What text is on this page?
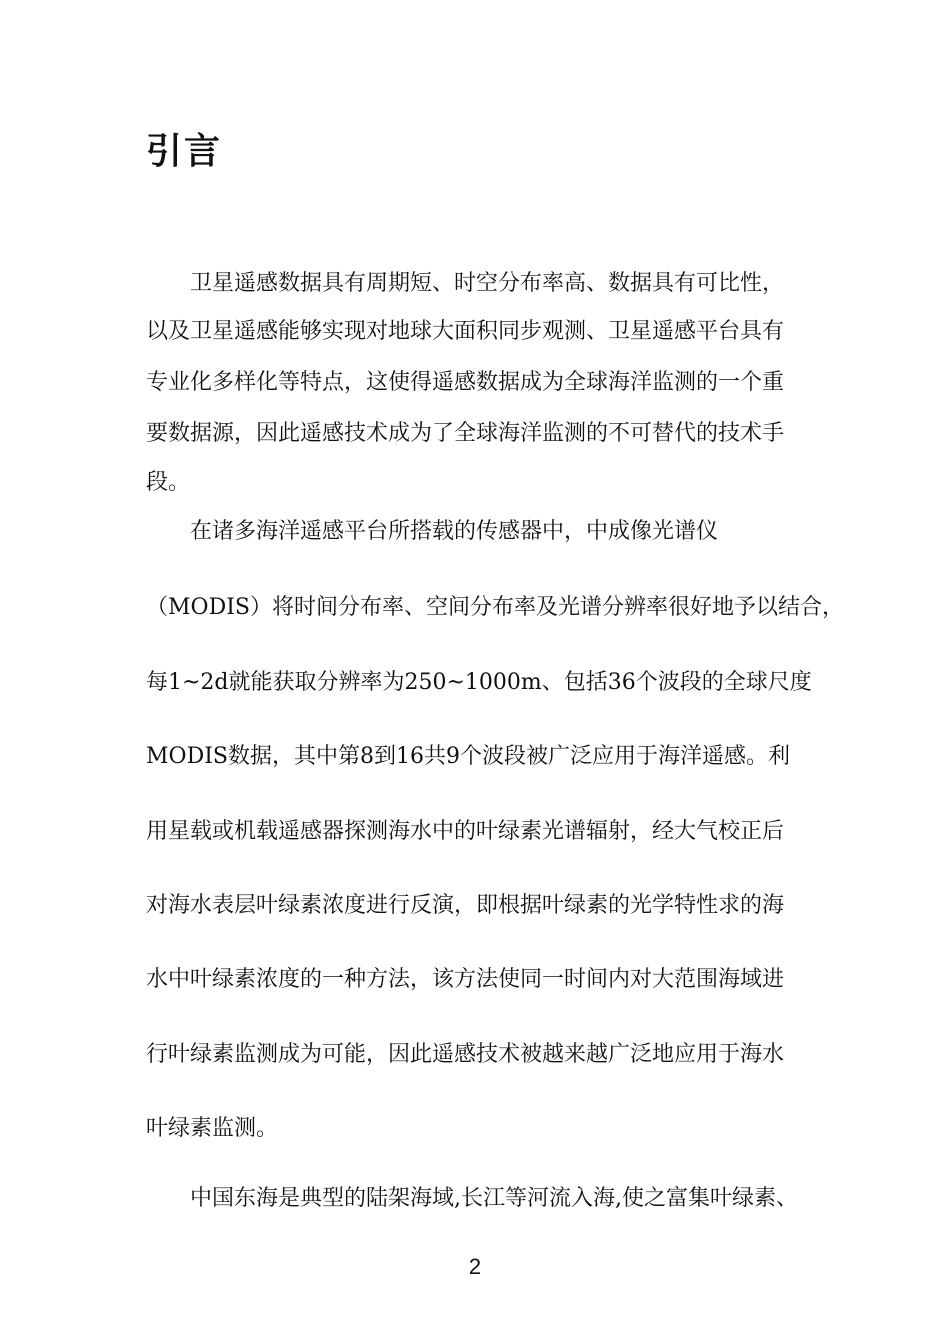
引言

卫星遥感数据具有周期短、时空分布率高、数据具有可比性，

以及卫星遥感能够实现对地球大面积同步观测、卫星遥感平台具有

专业化多样化等特点，这使得遥感数据成为全球海洋监测的一个重

要数据源，因此遥感技术成为了全球海洋监测的不可替代的技术手

段。

在诸多海洋遥感平台所搭载的传感器中，中成像光谱仪

（MODIS）将时间分布率、空间分布率及光谱分辨率很好地予以结合，

每1~2d就能获取分辨率为250~1000m、包括36个波段的全球尺度

MODIS数据，其中第8到16共9个波段被广泛应用于海洋遥感。利

用星载或机载遥感器探测海水中的叶绿素光谱辐射，经大气校正后

对海水表层叶绿素浓度进行反演，即根据叶绿素的光学特性求的海

水中叶绿素浓度的一种方法，该方法使同一时间内对大范围海域进

行叶绿素监测成为可能，因此遥感技术被越来越广泛地应用于海水

叶绿素监测。

中国东海是典型的陆架海域,长江等河流入海,使之富集叶绿素、

2
